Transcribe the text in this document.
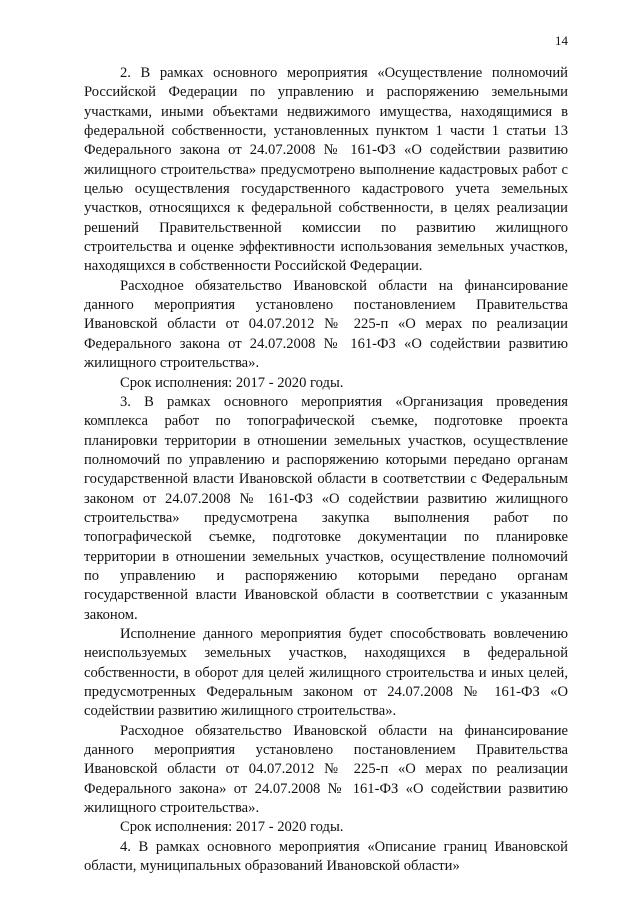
14

2. В рамках основного мероприятия «Осуществление полномочий Российской Федерации по управлению и распоряжению земельными участками, иными объектами недвижимого имущества, находящимися в федеральной собственности, установленных пунктом 1 части 1 статьи 13 Федерального закона от 24.07.2008 № 161-ФЗ «О содействии развитию жилищного строительства» предусмотрено выполнение кадастровых работ с целью осуществления государственного кадастрового учета земельных участков, относящихся к федеральной собственности, в целях реализации решений Правительственной комиссии по развитию жилищного строительства и оценке эффективности использования земельных участков, находящихся в собственности Российской Федерации.

Расходное обязательство Ивановской области на финансирование данного мероприятия установлено постановлением Правительства Ивановской области от 04.07.2012 № 225-п «О мерах по реализации Федерального закона от 24.07.2008 № 161-ФЗ «О содействии развитию жилищного строительства».

Срок исполнения: 2017 - 2020 годы.

3. В рамках основного мероприятия «Организация проведения комплекса работ по топографической съемке, подготовке проекта планировки территории в отношении земельных участков, осуществление полномочий по управлению и распоряжению которыми передано органам государственной власти Ивановской области в соответствии с Федеральным законом от 24.07.2008 № 161-ФЗ «О содействии развитию жилищного строительства» предусмотрена закупка выполнения работ по топографической съемке, подготовке документации по планировке территории в отношении земельных участков, осуществление полномочий по управлению и распоряжению которыми передано органам государственной власти Ивановской области в соответствии с указанным законом.

Исполнение данного мероприятия будет способствовать вовлечению неиспользуемых земельных участков, находящихся в федеральной собственности, в оборот для целей жилищного строительства и иных целей, предусмотренных Федеральным законом от 24.07.2008 № 161-ФЗ «О содействии развитию жилищного строительства».

Расходное обязательство Ивановской области на финансирование данного мероприятия установлено постановлением Правительства Ивановской области от 04.07.2012 № 225-п «О мерах по реализации Федерального закона» от 24.07.2008 № 161-ФЗ «О содействии развитию жилищного строительства».

Срок исполнения: 2017 - 2020 годы.

4. В рамках основного мероприятия «Описание границ Ивановской области, муниципальных образований Ивановской области»
